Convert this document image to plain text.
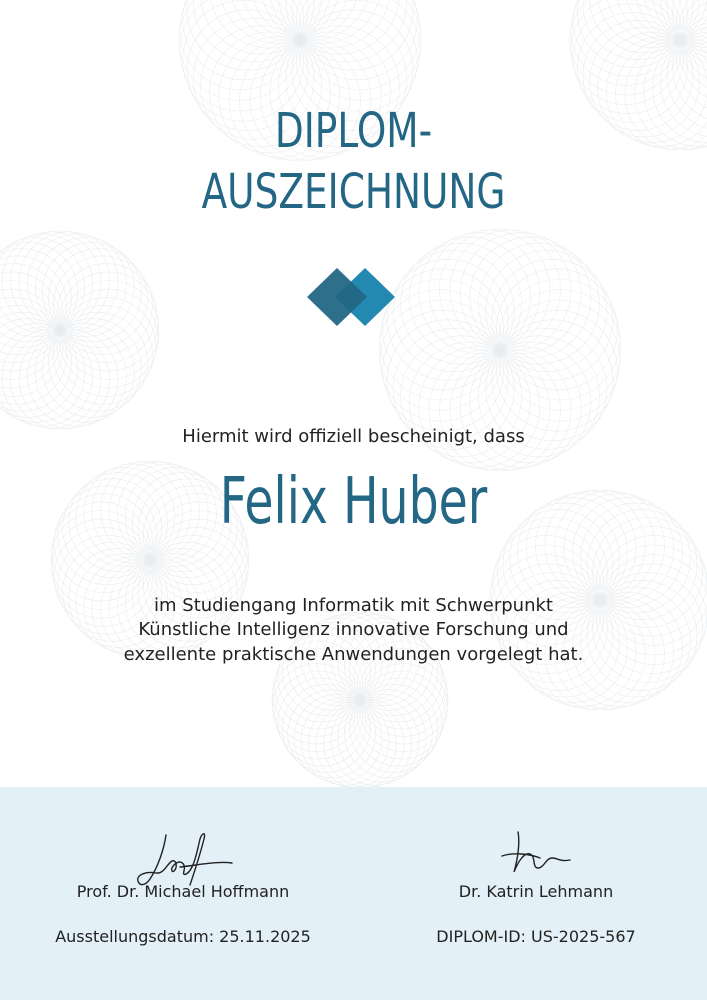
DIPLOM-
AUSZEICHNUNG
Hiermit wird offiziell bescheinigt, dass
Felix Huber
im Studiengang Informatik mit Schwerpunkt
Künstliche Intelligenz innovative Forschung und
exzellente praktische Anwendungen vorgelegt hat.
Prof. Dr. Michael Hoffmann	Dr. Katrin Lehmann
Ausstellungsdatum: 25.11.2025	DIPLOM-ID: US-2025-567
